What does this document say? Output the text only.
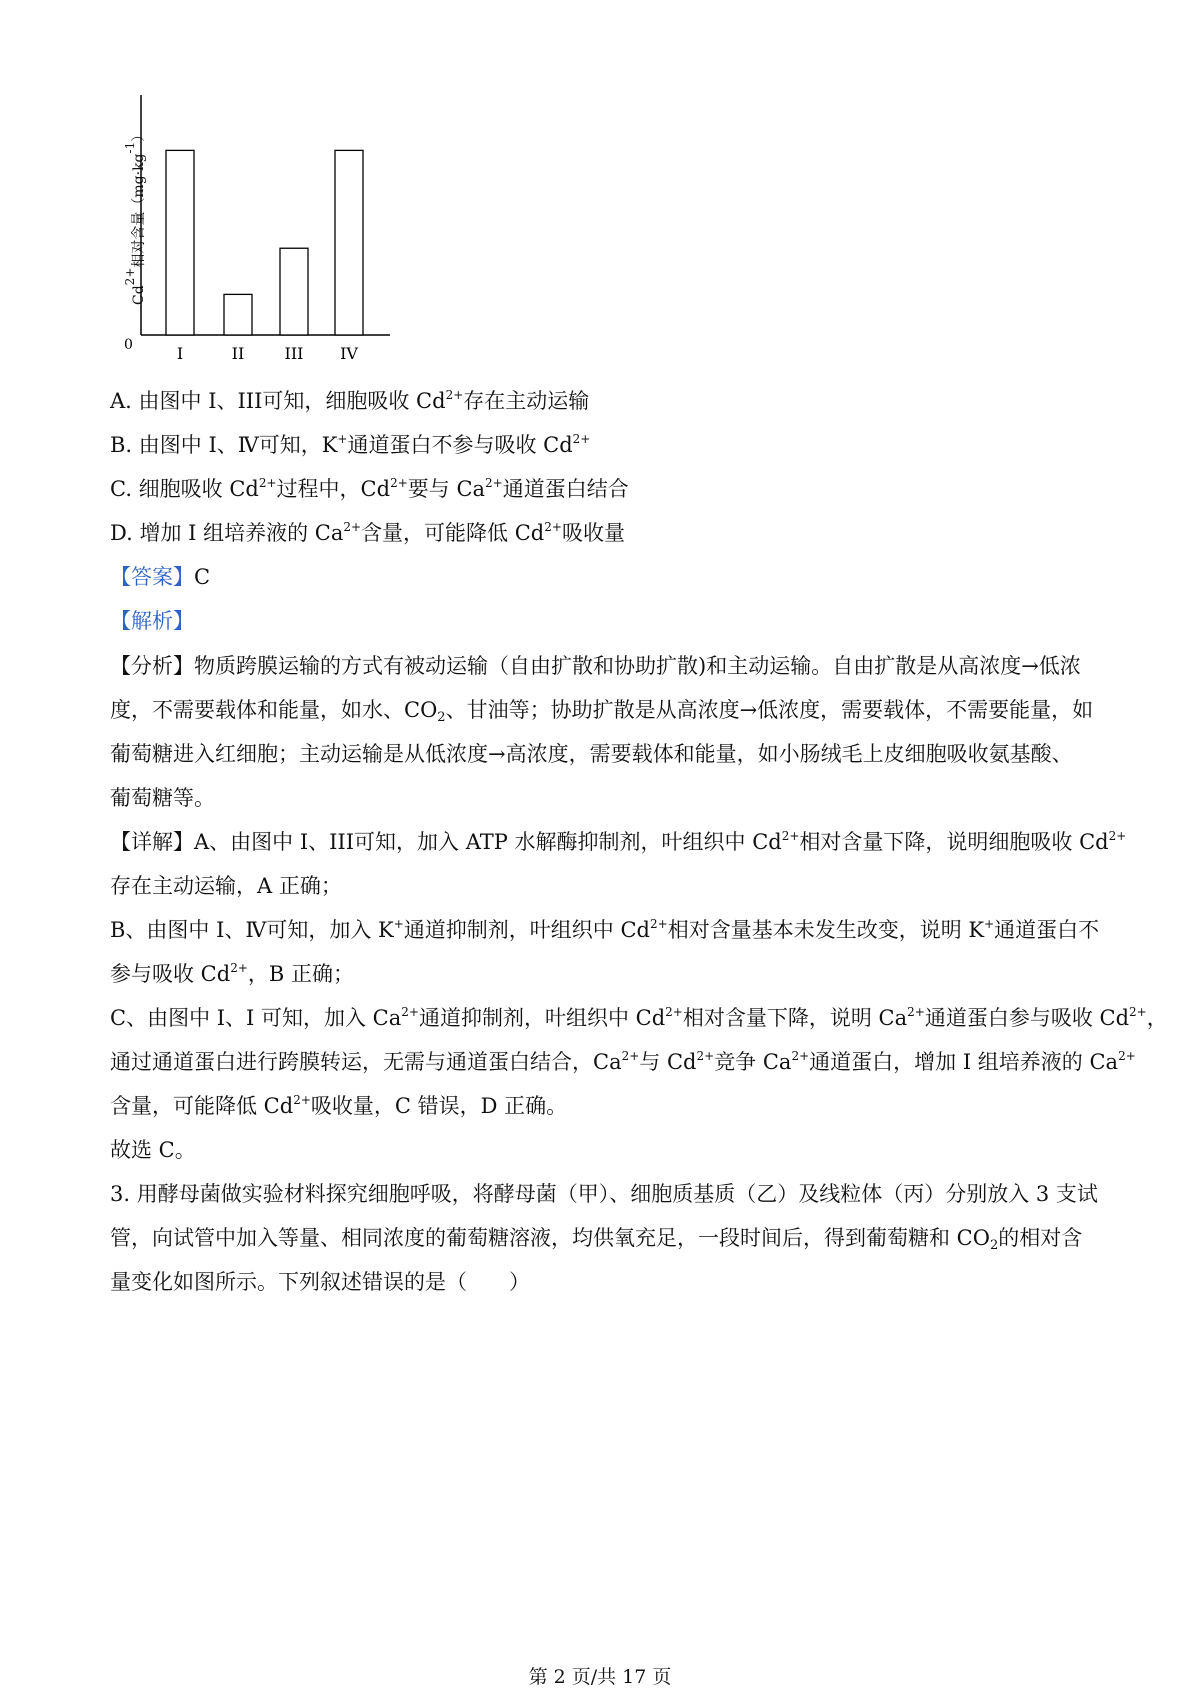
$Cd^{2+}$相对含量$(mg\cdot kg^{-1})$
0	I	II	III IV
A. 由图中 I、III可知，细胞吸收 $Cd^{2+}$存在主动运输
B. 由图中 I、Ⅳ可知，K+通道蛋白不参与吸收 $Cd^{2+}$
C. 细胞吸收 $Cd^{2+}$过程中，$Cd^{2+}$要与 $Ca^{2+}$通道蛋白结合
D. 增加 I 组培养液的 $Ca^{2+}$含量，可能降低 $Cd^{2+}$吸收量
【答案】C
【解析】
【分析】物质跨膜运输的方式有被动运输（自由扩散和协助扩散)和主动运输。自由扩散是从高浓度→低浓
度，不需要载体和能量，如水、$CO_2$、甘油等；协助扩散是从高浓度→低浓度，需要载体，不需要能量，如
葡萄糖进入红细胞；主动运输是从低浓度→高浓度，需要载体和能量，如小肠绒毛上皮细胞吸收氨基酸、
葡萄糖等。
【详解】A、由图中 I、III可知，加入 ATP 水解酶抑制剂，叶组织中 $Cd^{2+}$相对含量下降，说明细胞吸收 $Cd^{2+}$
存在主动运输，A 正确；
B、由图中 I、Ⅳ可知，加入 K+通道抑制剂，叶组织中 $Cd^{2+}$相对含量基本未发生改变，说明 K+通道蛋白不
参与吸收 $Cd^{2+}$，B 正确；
C、由图中 I、I 可知，加入 $Ca^{2+}$通道抑制剂，叶组织中 $Cd^{2+}$相对含量下降，说明 $Ca^{2+}$通道蛋白参与吸收 $Cd^{2+}$，
通过通道蛋白进行跨膜转运，无需与通道蛋白结合，$Ca^{2+}$与 $Cd^{2+}$竞争 $Ca^{2+}$通道蛋白，增加 I 组培养液的 $Ca^{2+}$
含量，可能降低 $Cd^{2+}$吸收量，C 错误，D 正确。
故选 C。
3. 用酵母菌做实验材料探究细胞呼吸，将酵母菌（甲）、细胞质基质（乙）及线粒体（丙）分别放入 3 支试
管，向试管中加入等量、相同浓度的葡萄糖溶液，均供氧充足，一段时间后，得到葡萄糖和 $CO_2$的相对含
量变化如图所示。下列叙述错误的是（　　）
第 2 页/共 17 页
